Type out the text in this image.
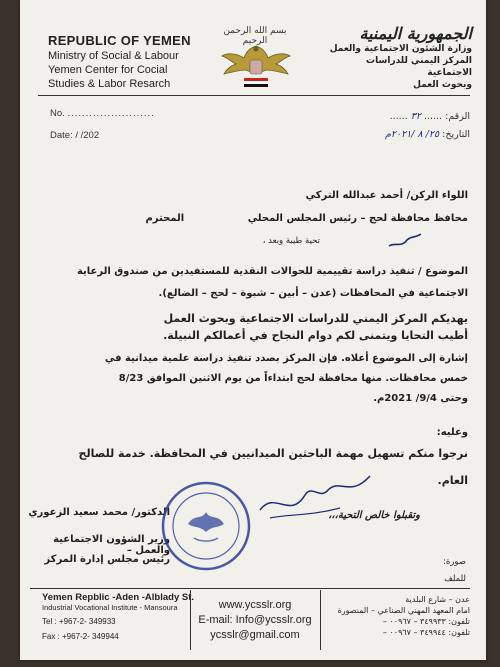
REPUBLIC OF YEMEN
Ministry of Social & Labour
Yemen Center for Cocial
Studies & Labor Resarch
بسم الله الرحمن الرحيم	الجمهورية اليمنية
وزارة الشئون الاجتماعية والعمل
المركز اليمني للدراسات الاجتماعية
وبحوث العمل
No. ........................
Date: / /202
الرقم: ...... ٣٢ ......
التاريخ: ٢٥/ ٨ /٢٠٢١م
اللواء الركن/ أحمد عبدالله التركي
محافظ محافظة لحج – رئيس المجلس المحلي المحترم
تحية طيبة وبعد ،
الموضوع / تنفيذ دراسة تقييمية للحوالات النقدية للمستفيدين من صندوق الرعاية
الاجتماعية في المحافظات (عدن – أبين – شبوة – لحج – الضالع).
يهديكم المركز اليمني للدراسات الاجتماعية وبحوث العمل
أطيب التحايا ويتمنى لكم دوام النجاح في أعمالكم النبيلة.
إشارة إلى الموضوع أعلاه. فإن المركز بصدد تنفيذ دراسة علمية ميدانية في
خمس محافظات. منها محافظة لحج ابتداءاً من يوم الاثنين الموافق 8/23
وحتى 9/4/ 2021م.
وعليه:
نرجوا منكم تسهيل مهمة الباحثين الميدانيين في المحافظة. خدمة للصالح
العام.
وتقبلوا خالص التحية،،،
الدكتور/ محمد سعيد الزعوري
وزير الشؤون الاجتماعية والعمل –
رئيس مجلس إدارة المركز	صورة:
للملف
Yemen Repblic -Aden -Alblady St.
Industrial Vocational Institute - Mansoura
Tel : +967-2- 349933
Fax : +967-2- 349944
www.ycsslr.org
E-mail: Info@ycsslr.org
ycsslr@gmail.com
عدن – شارع البلدية
امام المعهد المهني الصناعي – المنصورة
تلفون: ٣٤٩٩٣٣ – ٠٠٩٦٧ –
تلفون: ٣٤٩٩٤٤ – ٠٠٩٦٧ –
